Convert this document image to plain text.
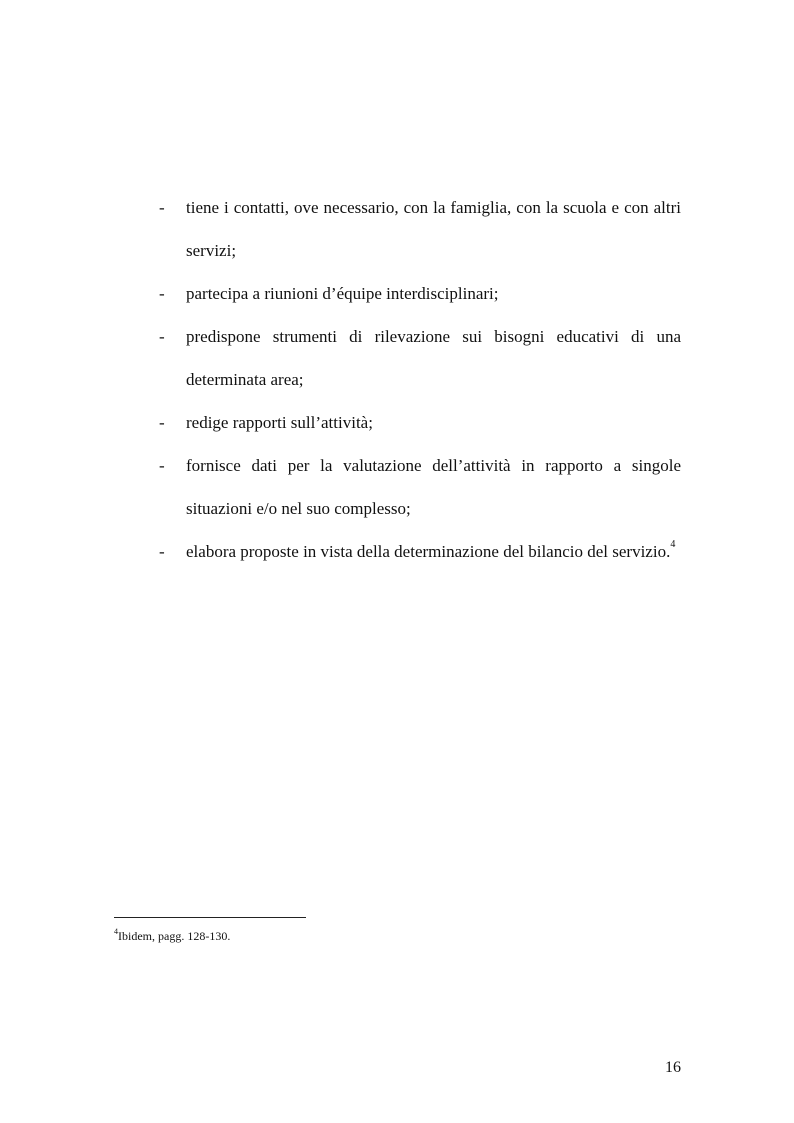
-	tiene i contatti, ove necessario, con la famiglia, con la scuola e con altri servizi;
-	partecipa a riunioni d’équipe interdisciplinari;
-	predispone strumenti di rilevazione sui bisogni educativi di una determinata area;
-	redige rapporti sull’attività;
-	fornisce dati per la valutazione dell’attività in rapporto a singole situazioni e/o nel suo complesso;
-	elabora proposte in vista della determinazione del bilancio del servizio.$^4$
$^4$Ibidem, pagg. 128-130.
16
